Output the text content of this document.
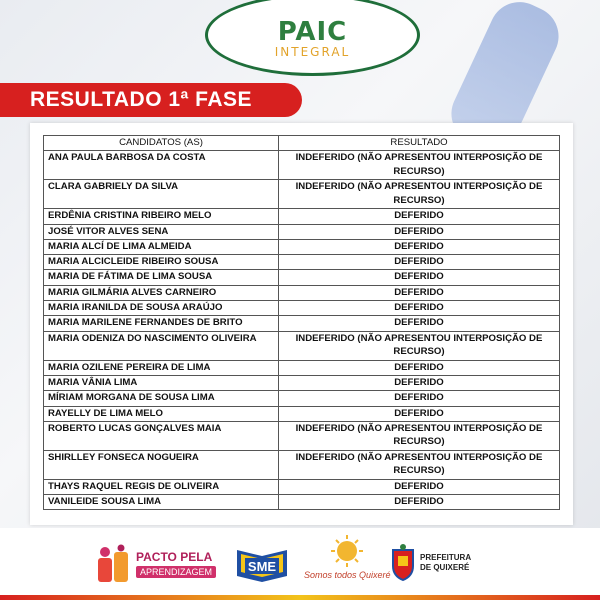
PAIC
INTEGRAL
RESULTADO 1ª FASE
CANDIDATOS (AS)	RESULTADO
ANA PAULA BARBOSA DA COSTA	INDEFERIDO (NÃO APRESENTOU INTERPOSIÇÃO DE RECURSO)
CLARA GABRIELY DA SILVA	INDEFERIDO (NÃO APRESENTOU INTERPOSIÇÃO DE RECURSO)
ERDÊNIA CRISTINA RIBEIRO MELO	DEFERIDO
JOSÉ VITOR ALVES SENA	DEFERIDO
MARIA ALCÍ DE LIMA ALMEIDA	DEFERIDO
MARIA ALCICLEIDE RIBEIRO SOUSA	DEFERIDO
MARIA DE FÁTIMA DE LIMA SOUSA	DEFERIDO
MARIA GILMÁRIA ALVES CARNEIRO	DEFERIDO
MARIA IRANILDA DE SOUSA ARAÚJO	DEFERIDO
MARIA MARILENE FERNANDES DE BRITO	DEFERIDO
MARIA ODENIZA DO NASCIMENTO OLIVEIRA	INDEFERIDO (NÃO APRESENTOU INTERPOSIÇÃO DE RECURSO)
MARIA OZILENE PEREIRA DE LIMA	DEFERIDO
MARIA VÂNIA LIMA	DEFERIDO
MÍRIAM MORGANA DE SOUSA LIMA	DEFERIDO
RAYELLY DE LIMA MELO	DEFERIDO
ROBERTO LUCAS GONÇALVES MAIA	INDEFERIDO (NÃO APRESENTOU INTERPOSIÇÃO DE RECURSO)
SHIRLLEY FONSECA NOGUEIRA	INDEFERIDO (NÃO APRESENTOU INTERPOSIÇÃO DE RECURSO)
THAYS RAQUEL REGIS DE OLIVEIRA	DEFERIDO
VANILEIDE SOUSA LIMA	DEFERIDO
PACTO PELA
APRENDIZAGEM	SME
Somos todos Quixeré
PREFEITURA
DE QUIXERÉ
